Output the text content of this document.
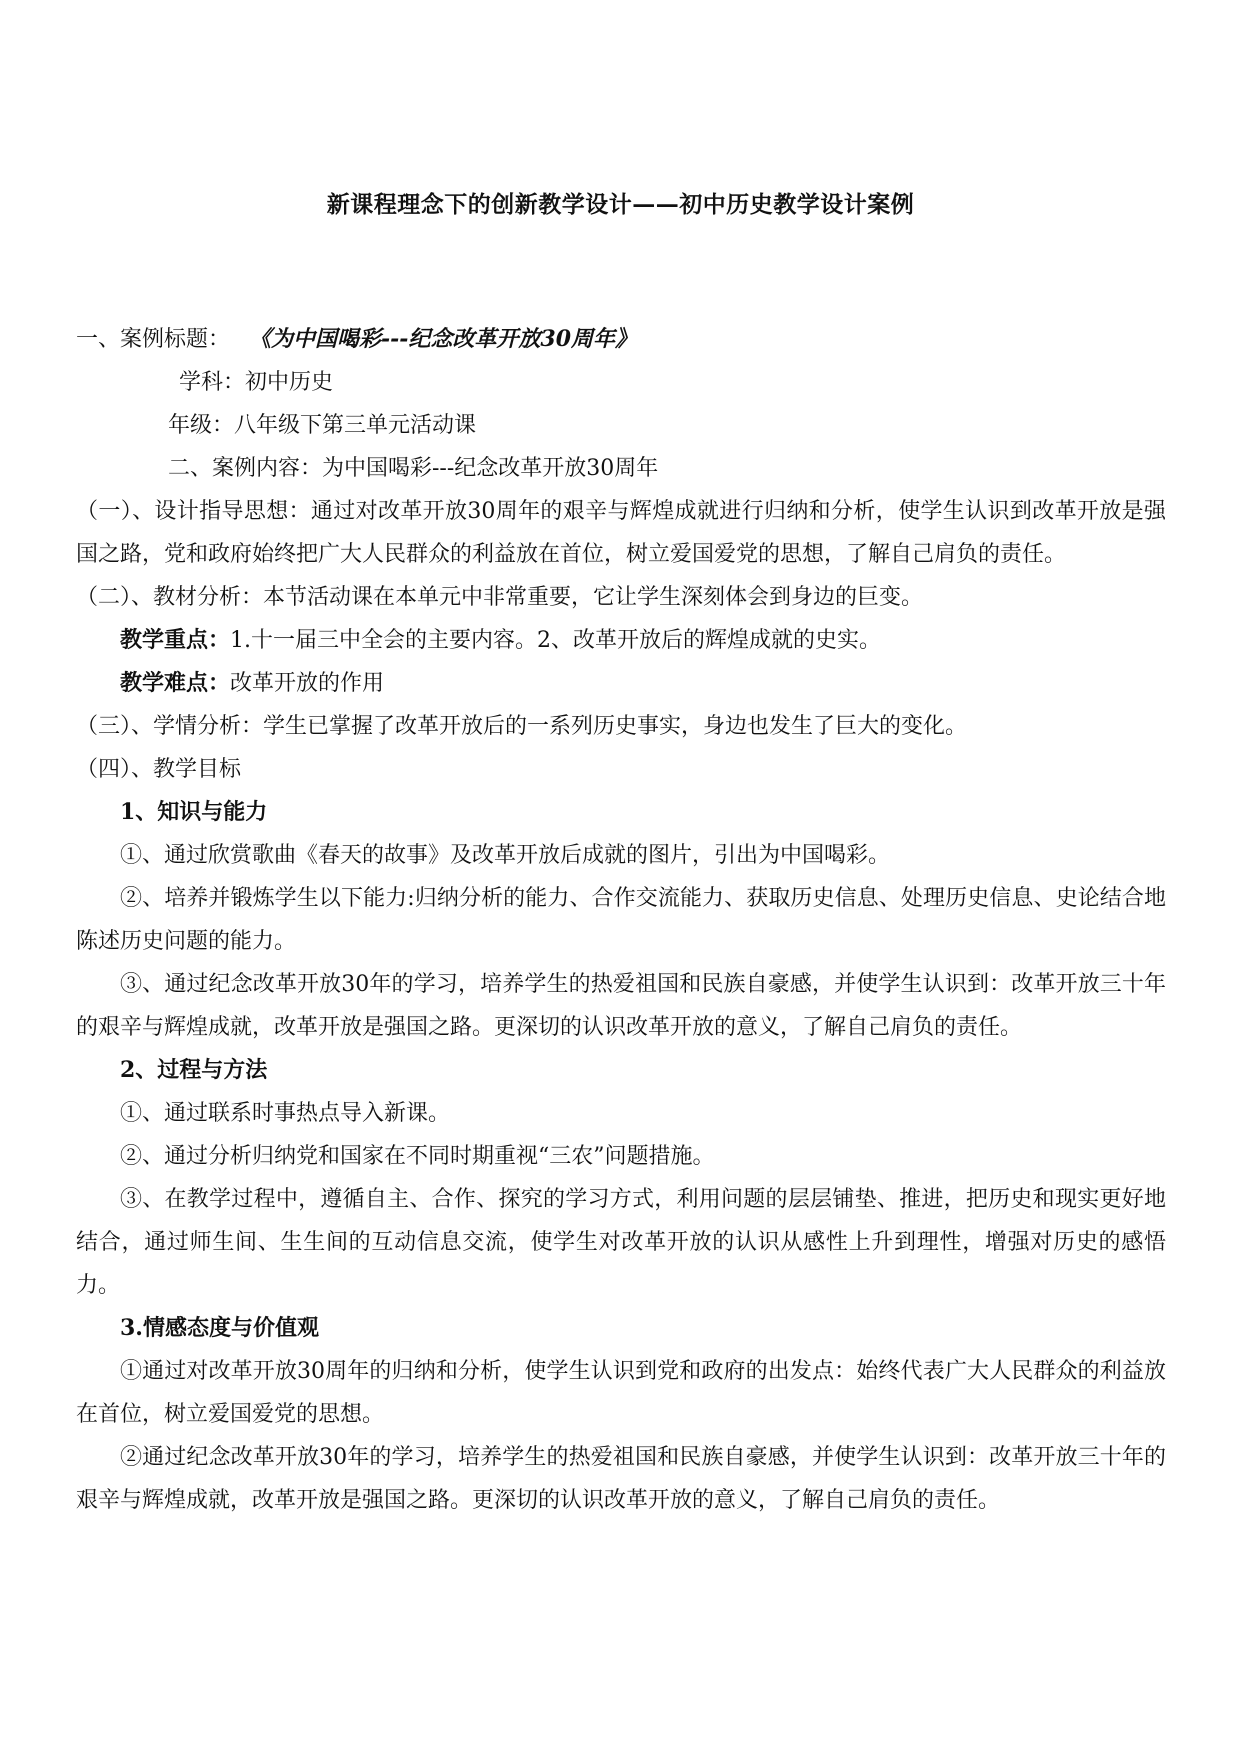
新课程理念下的创新教学设计——初中历史教学设计案例

一、案例标题： 《为中国喝彩---纪念改革开放30周年》

学科：初中历史

年级：八年级下第三单元活动课

二、案例内容：为中国喝彩---纪念改革开放30周年

（一）、设计指导思想：通过对改革开放30周年的艰辛与辉煌成就进行归纳和分析，使学生认识到改革开放是强国之路，党和政府始终把广大人民群众的利益放在首位，树立爱国爱党的思想，了解自己肩负的责任。

（二）、教材分析：本节活动课在本单元中非常重要，它让学生深刻体会到身边的巨变。

教学重点：1.十一届三中全会的主要内容。2、改革开放后的辉煌成就的史实。

教学难点：改革开放的作用

（三）、学情分析：学生已掌握了改革开放后的一系列历史事实，身边也发生了巨大的变化。

（四）、教学目标

1、知识与能力

①、通过欣赏歌曲《春天的故事》及改革开放后成就的图片，引出为中国喝彩。

②、培养并锻炼学生以下能力:归纳分析的能力、合作交流能力、获取历史信息、处理历史信息、史论结合地陈述历史问题的能力。

③、通过纪念改革开放30年的学习，培养学生的热爱祖国和民族自豪感，并使学生认识到：改革开放三十年的艰辛与辉煌成就，改革开放是强国之路。更深切的认识改革开放的意义，了解自己肩负的责任。

2、过程与方法

①、通过联系时事热点导入新课。

②、通过分析归纳党和国家在不同时期重视“三农”问题措施。

③、在教学过程中，遵循自主、合作、探究的学习方式，利用问题的层层铺垫、推进，把历史和现实更好地结合，通过师生间、生生间的互动信息交流，使学生对改革开放的认识从感性上升到理性，增强对历史的感悟力。

3.情感态度与价值观

①通过对改革开放30周年的归纳和分析，使学生认识到党和政府的出发点：始终代表广大人民群众的利益放在首位，树立爱国爱党的思想。

②通过纪念改革开放30年的学习，培养学生的热爱祖国和民族自豪感，并使学生认识到：改革开放三十年的艰辛与辉煌成就，改革开放是强国之路。更深切的认识改革开放的意义，了解自己肩负的责任。
